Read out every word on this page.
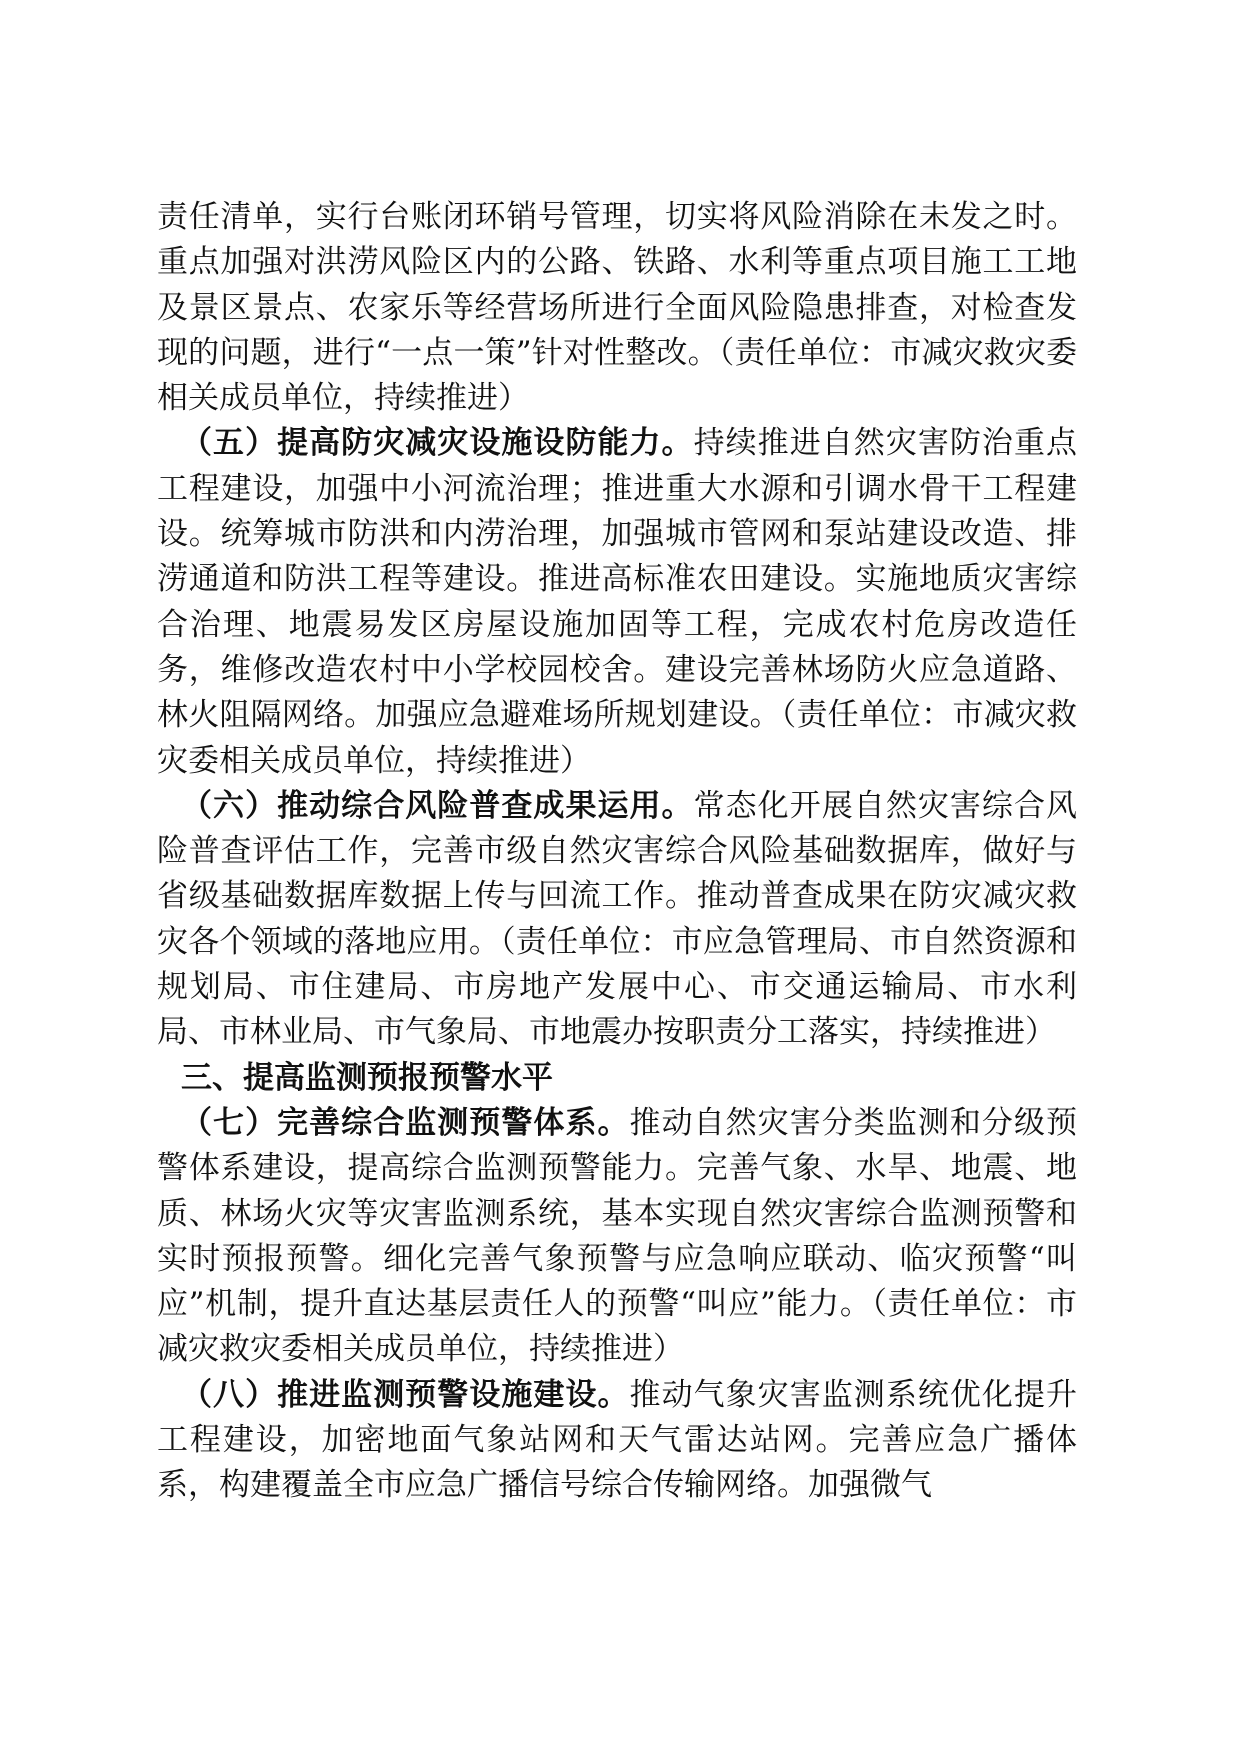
责任清单，实行台账闭环销号管理，切实将风险消除在未发之时。重点加强对洪涝风险区内的公路、铁路、水利等重点项目施工工地及景区景点、农家乐等经营场所进行全面风险隐患排查，对检查发现的问题，进行“一点一策”针对性整改。（责任单位：市减灾救灾委相关成员单位，持续推进）

（五）提高防灾减灾设施设防能力。持续推进自然灾害防治重点工程建设，加强中小河流治理；推进重大水源和引调水骨干工程建设。统筹城市防洪和内涝治理，加强城市管网和泵站建设改造、排涝通道和防洪工程等建设。推进高标准农田建设。实施地质灾害综合治理、地震易发区房屋设施加固等工程，完成农村危房改造任务，维修改造农村中小学校园校舍。建设完善林场防火应急道路、林火阻隔网络。加强应急避难场所规划建设。（责任单位：市减灾救灾委相关成员单位，持续推进）

（六）推动综合风险普查成果运用。常态化开展自然灾害综合风险普查评估工作，完善市级自然灾害综合风险基础数据库，做好与省级基础数据库数据上传与回流工作。推动普查成果在防灾减灾救灾各个领域的落地应用。（责任单位：市应急管理局、市自然资源和规划局、市住建局、市房地产发展中心、市交通运输局、市水利局、市林业局、市气象局、市地震办按职责分工落实，持续推进）

三、提高监测预报预警水平

（七）完善综合监测预警体系。推动自然灾害分类监测和分级预警体系建设，提高综合监测预警能力。完善气象、水旱、地震、地质、林场火灾等灾害监测系统，基本实现自然灾害综合监测预警和实时预报预警。细化完善气象预警与应急响应联动、临灾预警“叫应”机制，提升直达基层责任人的预警“叫应”能力。（责任单位：市减灾救灾委相关成员单位，持续推进）

（八）推进监测预警设施建设。推动气象灾害监测系统优化提升工程建设，加密地面气象站网和天气雷达站网。完善应急广播体系，构建覆盖全市应急广播信号综合传输网络。加强微气
